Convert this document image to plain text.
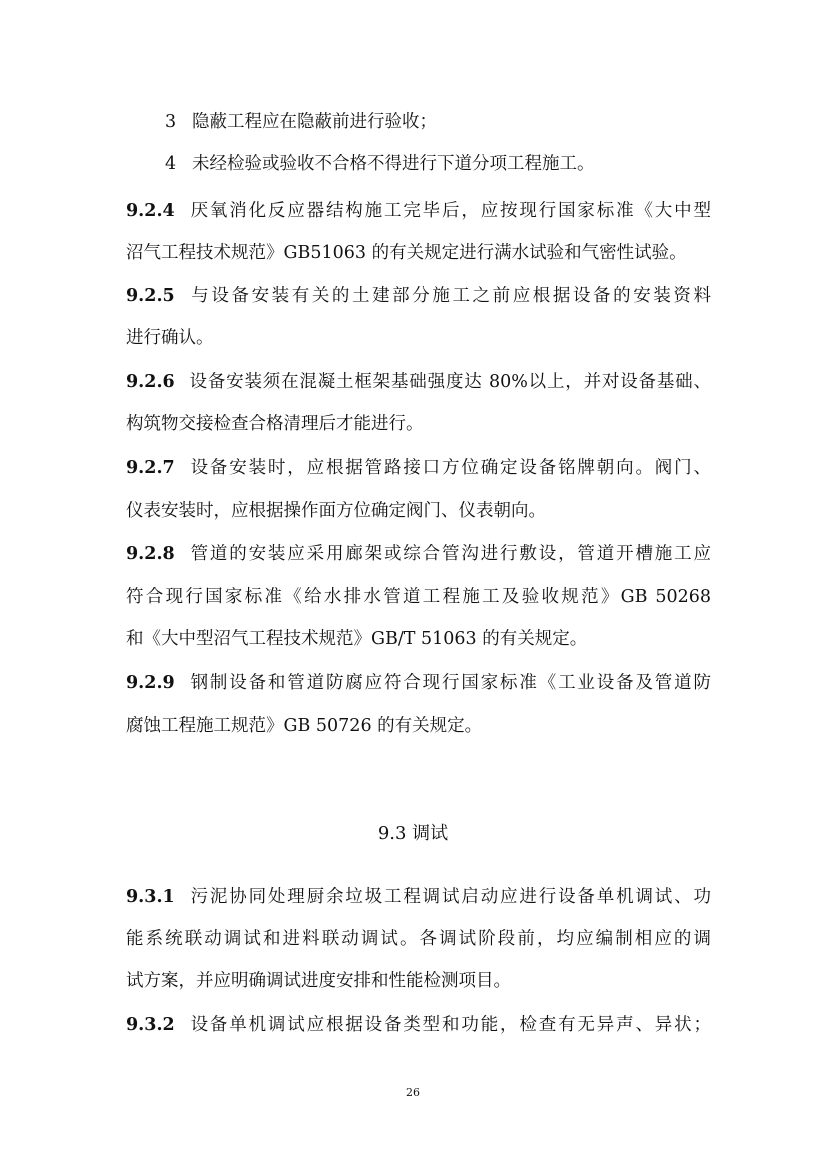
3 隐蔽工程应在隐蔽前进行验收；
4 未经检验或验收不合格不得进行下道分项工程施工。
9.2.4 厌氧消化反应器结构施工完毕后，应按现行国家标准《大中型
沼气工程技术规范》GB51063 的有关规定进行满水试验和气密性试验。
9.2.5 与设备安装有关的土建部分施工之前应根据设备的安装资料
进行确认。
9.2.6 设备安装须在混凝土框架基础强度达 80%以上，并对设备基础、
构筑物交接检查合格清理后才能进行。
9.2.7 设备安装时，应根据管路接口方位确定设备铭牌朝向。阀门、
仪表安装时，应根据操作面方位确定阀门、仪表朝向。
9.2.8 管道的安装应采用廊架或综合管沟进行敷设，管道开槽施工应
符合现行国家标准《给水排水管道工程施工及验收规范》GB 50268
和《大中型沼气工程技术规范》GB/T 51063 的有关规定。
9.2.9 钢制设备和管道防腐应符合现行国家标准《工业设备及管道防
腐蚀工程施工规范》GB 50726 的有关规定。
9.3 调试
9.3.1 污泥协同处理厨余垃圾工程调试启动应进行设备单机调试、功
能系统联动调试和进料联动调试。各调试阶段前，均应编制相应的调
试方案，并应明确调试进度安排和性能检测项目。
9.3.2 设备单机调试应根据设备类型和功能，检查有无异声、异状；
26
